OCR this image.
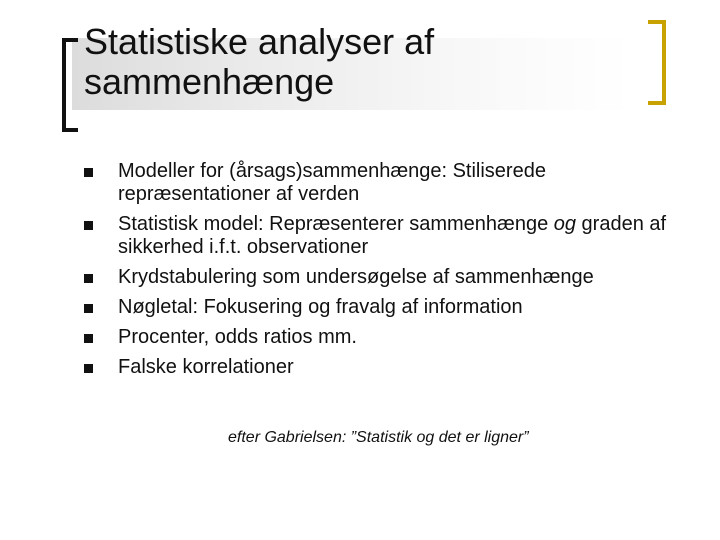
Statistiske analyser af
sammenhænge
Modeller for (årsags)sammenhænge: Stiliserede repræsentationer af verden
Statistisk model: Repræsenterer sammenhænge og graden af sikkerhed i.f.t. observationer
Krydstabulering som undersøgelse af sammenhænge
Nøgletal: Fokusering og fravalg af information
Procenter, odds ratios mm.
Falske korrelationer
efter Gabrielsen: ”Statistik og det er ligner”
